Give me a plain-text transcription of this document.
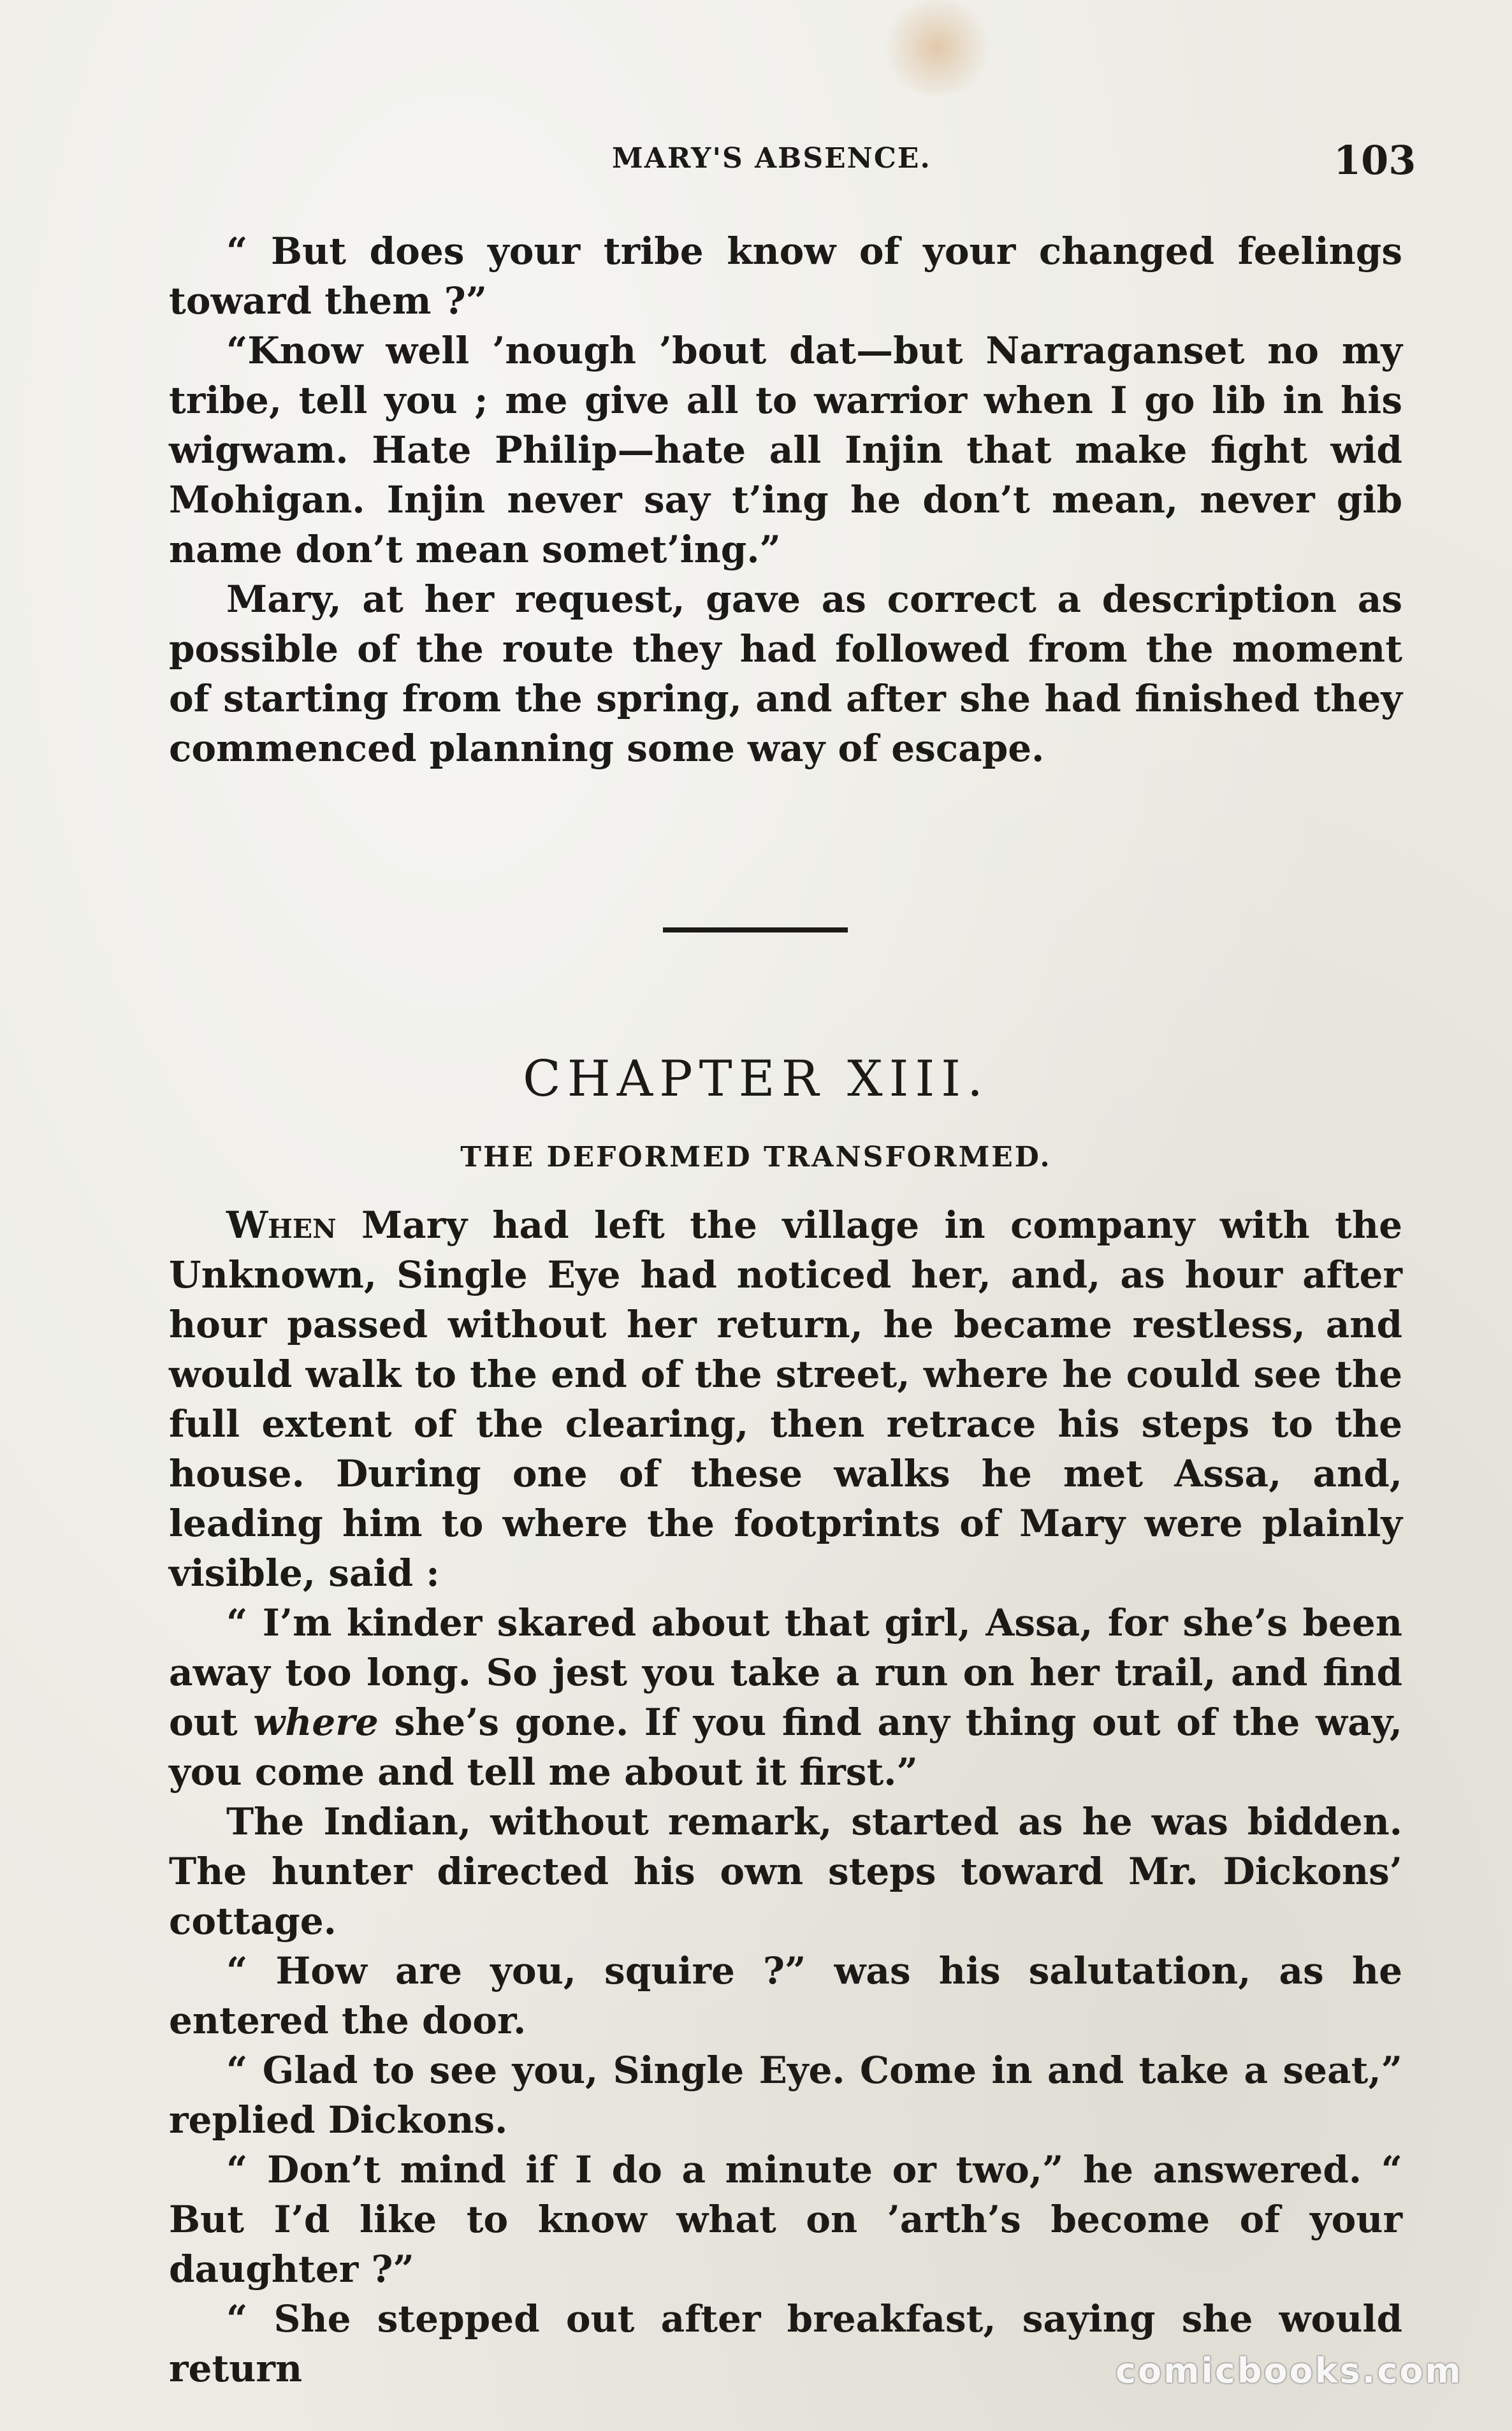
MARY'S ABSENCE.	103

“ But does your tribe know of your changed feelings toward them ?”

“Know well ’nough ’bout dat—but Narraganset no my tribe, tell you ; me give all to warrior when I go lib in his wigwam. Hate Philip—hate all Injin that make fight wid Mohigan. Injin never say t’ing he don’t mean, never gib name don’t mean somet’ing.”

Mary, at her request, gave as correct a description as possible of the route they had followed from the moment of starting from the spring, and after she had finished they commenced planning some way of escape.

CHAPTER XIII.
THE DEFORMED TRANSFORMED.

When Mary had left the village in company with the Unknown, Single Eye had noticed her, and, as hour after hour passed without her return, he became restless, and would walk to the end of the street, where he could see the full extent of the clearing, then retrace his steps to the house. During one of these walks he met Assa, and, leading him to where the footprints of Mary were plainly visible, said :

“ I’m kinder skared about that girl, Assa, for she’s been away too long. So jest you take a run on her trail, and find out where she’s gone. If you find any thing out of the way, you come and tell me about it first.”

The Indian, without remark, started as he was bidden. The hunter directed his own steps toward Mr. Dickons’ cottage.

“ How are you, squire ?” was his salutation, as he entered the door.

“ Glad to see you, Single Eye. Come in and take a seat,” replied Dickons.

“ Don’t mind if I do a minute or two,” he answered. “ But I’d like to know what on ’arth’s become of your daughter ?”

“ She stepped out after breakfast, saying she would return	comicbooks.com
